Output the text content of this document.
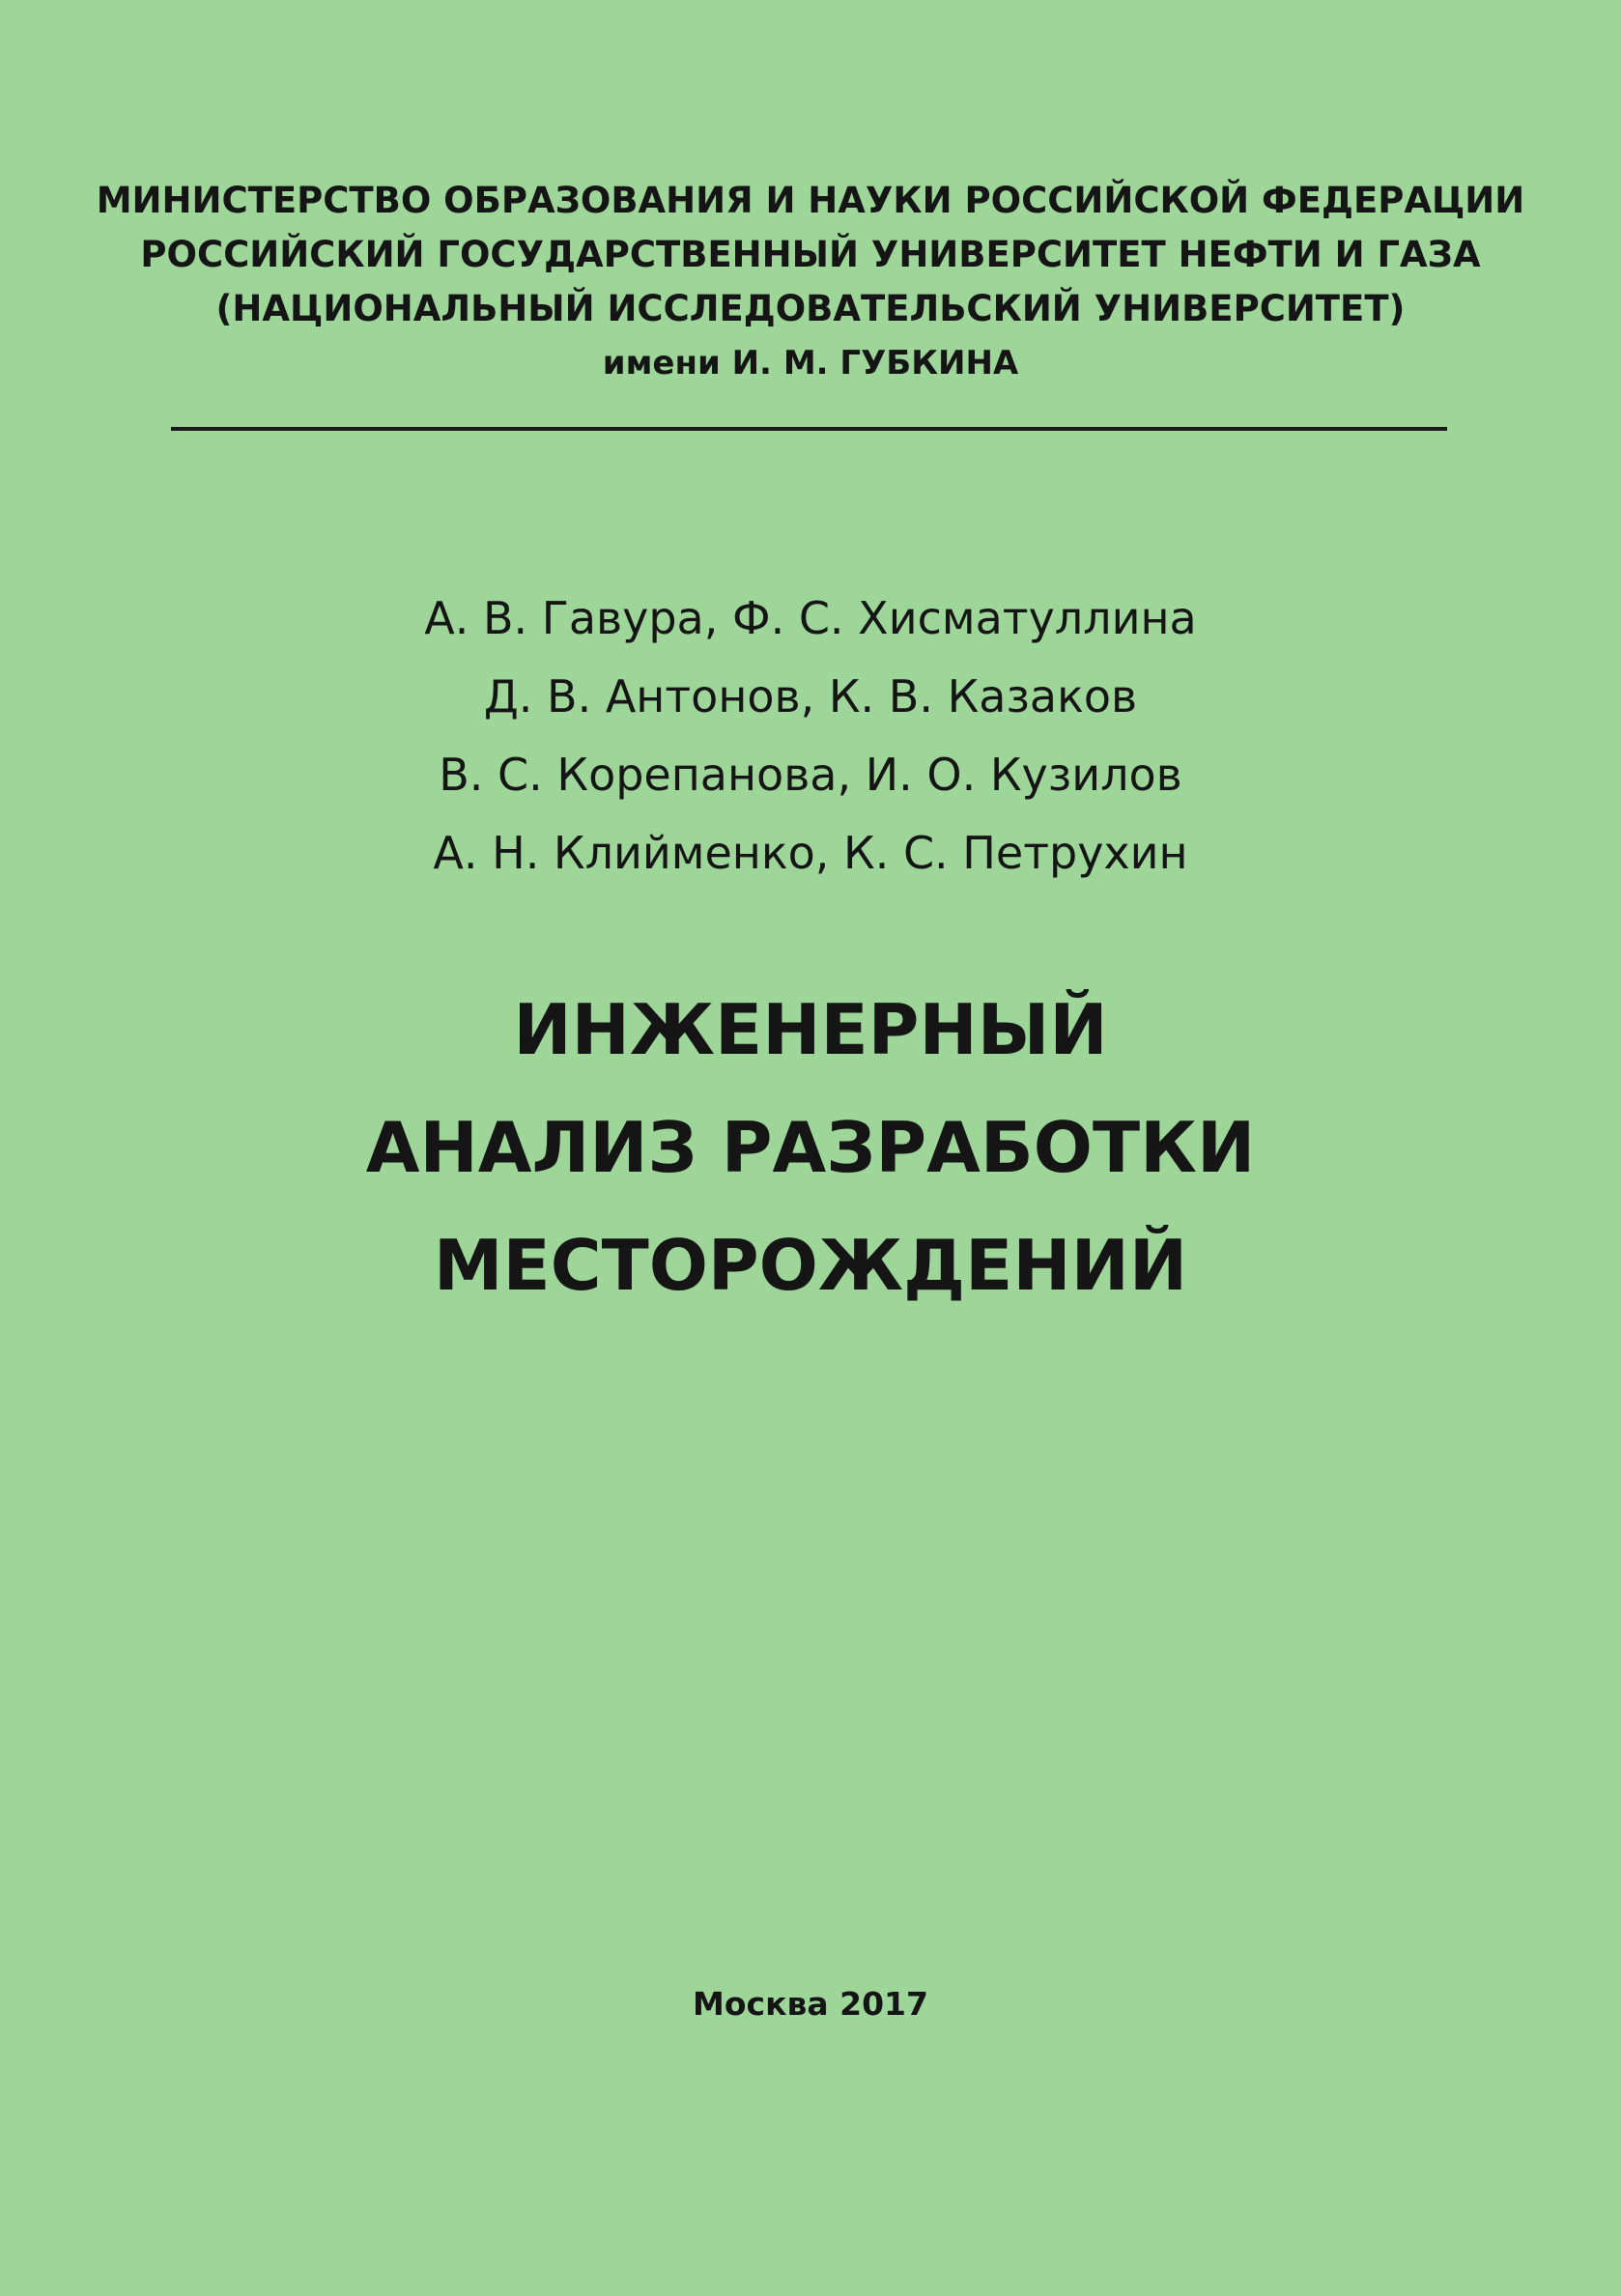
МИНИСТЕРСТВО ОБРАЗОВАНИЯ И НАУКИ РОССИЙСКОЙ ФЕДЕРАЦИИ
РОССИЙСКИЙ ГОСУДАРСТВЕННЫЙ УНИВЕРСИТЕТ НЕФТИ И ГАЗА
(НАЦИОНАЛЬНЫЙ ИССЛЕДОВАТЕЛЬСКИЙ УНИВЕРСИТЕТ)
имени И. М. ГУБКИНА
А. В. Гавура, Ф. С. Хисматуллина
Д. В. Антонов, К. В. Казаков
В. С. Корепанова, И. О. Кузилов
А. Н. Клийменко, К. С. Петрухин
ИНЖЕНЕРНЫЙ
АНАЛИЗ РАЗРАБОТКИ
МЕСТОРОЖДЕНИЙ
Москва 2017
